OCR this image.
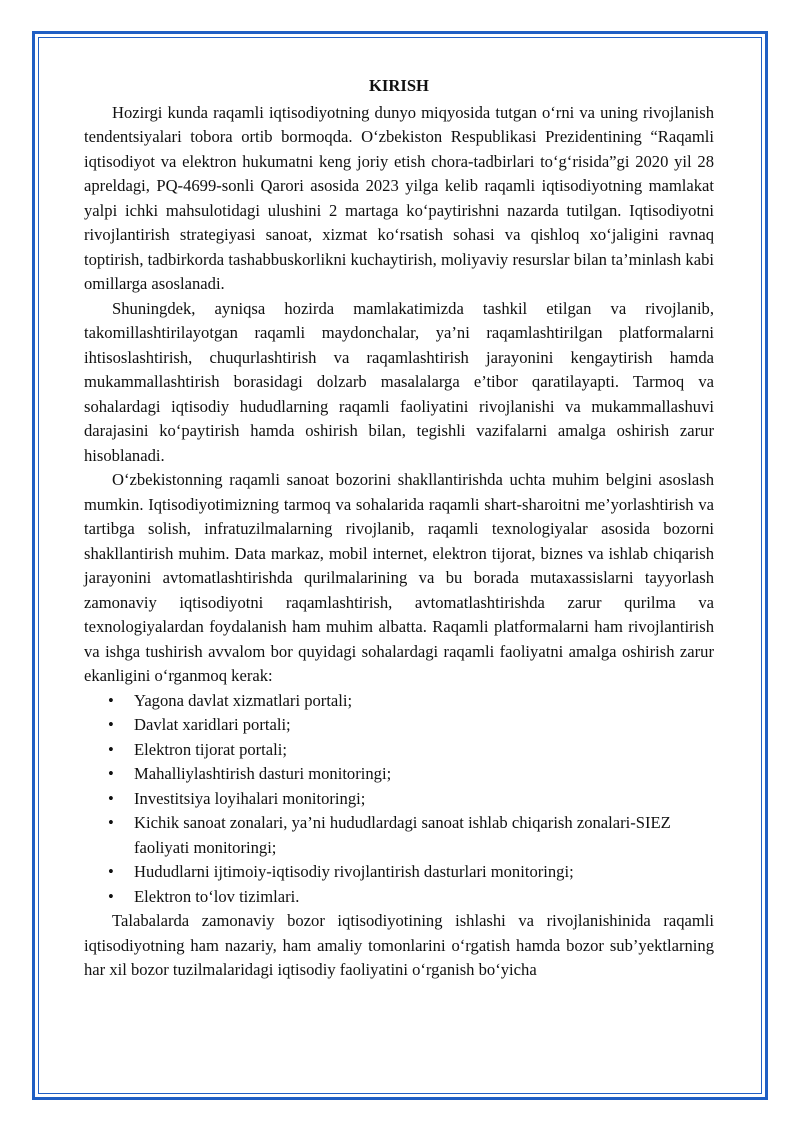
KIRISH

Hozirgi kunda raqamli iqtisodiyotning dunyo miqyosida tutgan o‘rni va uning rivojlanish tendentsiyalari tobora ortib bormoqda. O‘zbekiston Respublikasi Prezidentining “Raqamli iqtisodiyot va elektron hukumatni keng joriy etish chora-tadbirlari to‘g‘risida”gi 2020 yil 28 apreldagi, PQ-4699-sonli Qarori asosida 2023 yilga kelib raqamli iqtisodiyotning mamlakat yalpi ichki mahsulotidagi ulushini 2 martaga ko‘paytirishni nazarda tutilgan. Iqtisodiyotni rivojlantirish strategiyasi sanoat, xizmat ko‘rsatish sohasi va qishloq xo‘jaligini ravnaq toptirish, tadbirkorda tashabbuskorlikni kuchaytirish, moliyaviy resurslar bilan ta’minlash kabi omillarga asoslanadi.

Shuningdek, ayniqsa hozirda mamlakatimizda tashkil etilgan va rivojlanib, takomillashtirilayotgan raqamli maydonchalar, ya’ni raqamlashtirilgan platformalarni ihtisoslashtirish, chuqurlashtirish va raqamlashtirish jarayonini kengaytirish hamda mukammallashtirish borasidagi dolzarb masalalarga e’tibor qaratilayapti. Tarmoq va sohalardagi iqtisodiy hududlarning raqamli faoliyatini rivojlanishi va mukammallashuvi darajasini ko‘paytirish hamda oshirish bilan, tegishli vazifalarni amalga oshirish zarur hisoblanadi.

O‘zbekistonning raqamli sanoat bozorini shakllantirishda uchta muhim belgini asoslash mumkin. Iqtisodiyotimizning tarmoq va sohalarida raqamli shart-sharoitni me’yorlashtirish va tartibga solish, infratuzilmalarning rivojlanib, raqamli texnologiyalar asosida bozorni shakllantirish muhim. Data markaz, mobil internet, elektron tijorat, biznes va ishlab chiqarish jarayonini avtomatlashtirishda qurilmalarining va bu borada mutaxassislarni tayyorlash zamonaviy iqtisodiyotni raqamlashtirish, avtomatlashtirishda zarur qurilma va texnologiyalardan foydalanish ham muhim albatta. Raqamli platformalarni ham rivojlantirish va ishga tushirish avvalom bor quyidagi sohalardagi raqamli faoliyatni amalga oshirish zarur ekanligini o‘rganmoq kerak:

• Yagona davlat xizmatlari portali;
• Davlat xaridlari portali;
• Elektron tijorat portali;
• Mahalliylashtirish dasturi monitoringi;
• Investitsiya loyihalari monitoringi;
• Kichik sanoat zonalari, ya’ni hududlardagi sanoat ishlab chiqarish zonalari-SIEZ faoliyati monitoringi;
• Hududlarni ijtimoiy-iqtisodiy rivojlantirish dasturlari monitoringi;
• Elektron to‘lov tizimlari.

Talabalarda zamonaviy bozor iqtisodiyotining ishlashi va rivojlanishinida raqamli iqtisodiyotning ham nazariy, ham amaliy tomonlarini o‘rgatish hamda bozor sub’yektlarning har xil bozor tuzilmalaridagi iqtisodiy faoliyatini o‘rganish bo‘yicha
